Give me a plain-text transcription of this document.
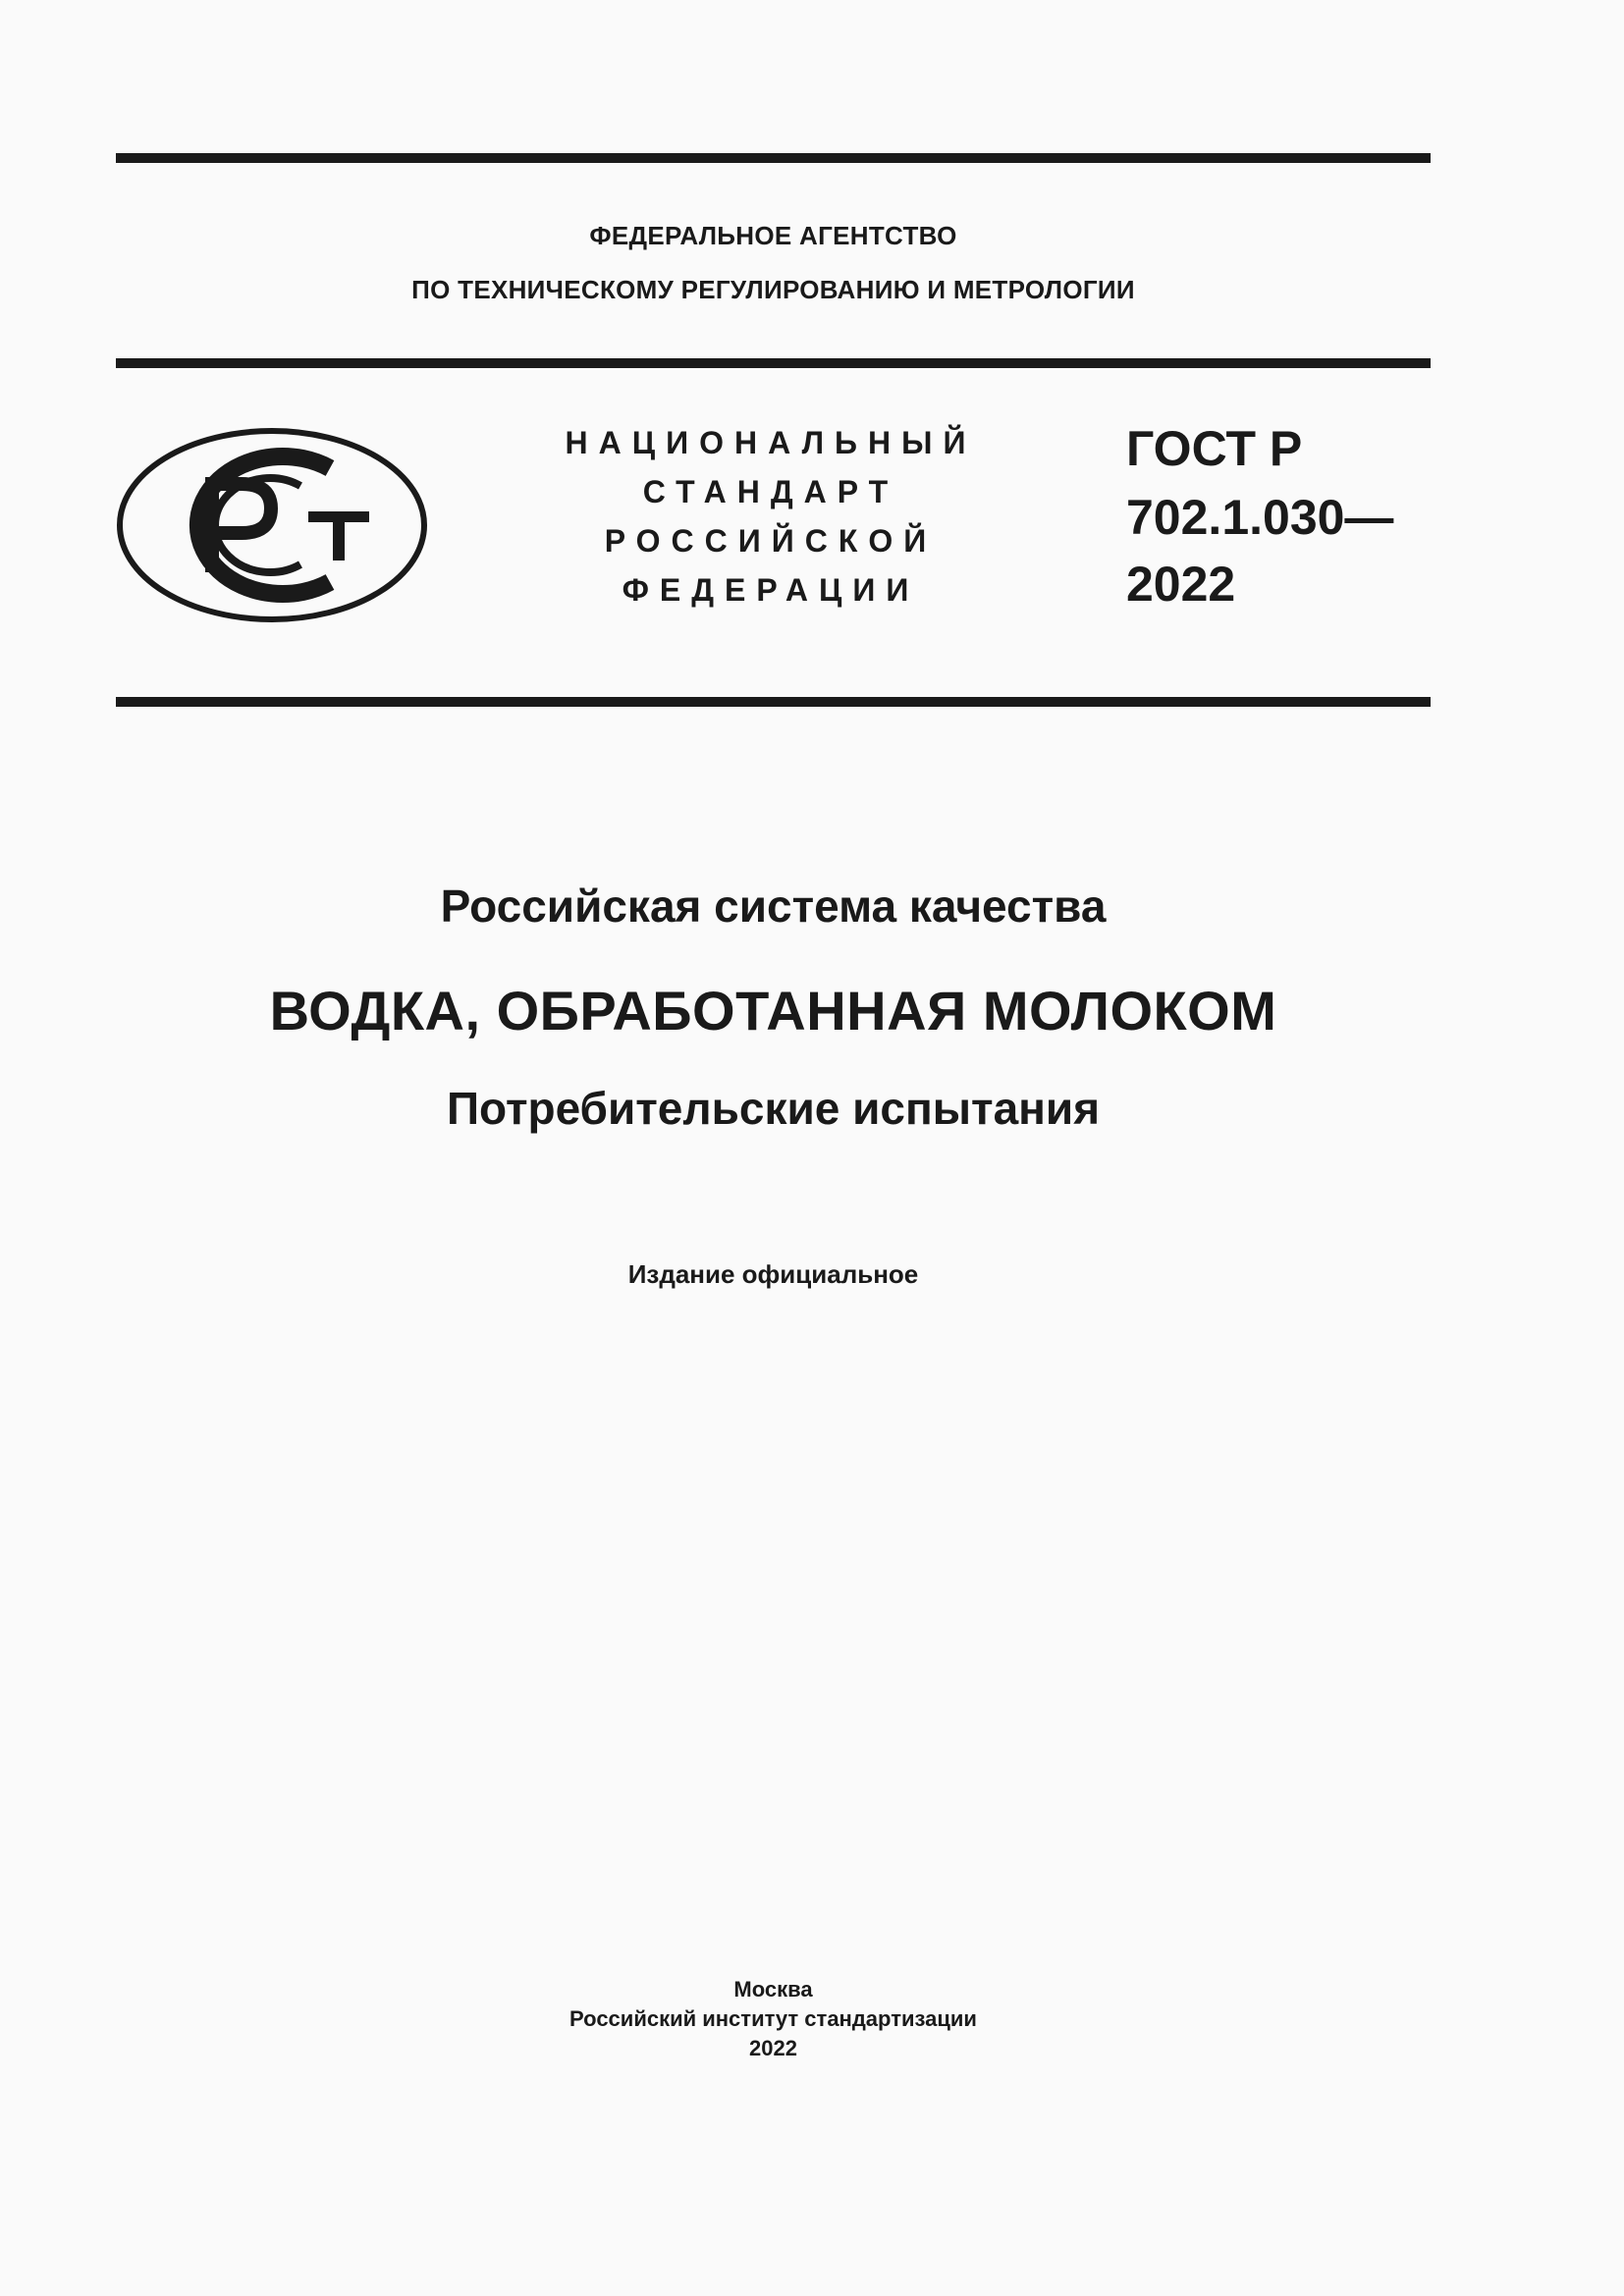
ФЕДЕРАЛЬНОЕ АГЕНТСТВО
ПО ТЕХНИЧЕСКОМУ РЕГУЛИРОВАНИЮ И МЕТРОЛОГИИ
НАЦИОНАЛЬНЫЙ
СТАНДАРТ
РОССИЙСКОЙ
ФЕДЕРАЦИИ
ГОСТ Р
702.1.030—
2022
Российская система качества
ВОДКА, ОБРАБОТАННАЯ МОЛОКОМ
Потребительские испытания
Издание официальное
Москва
Российский институт стандартизации
2022
